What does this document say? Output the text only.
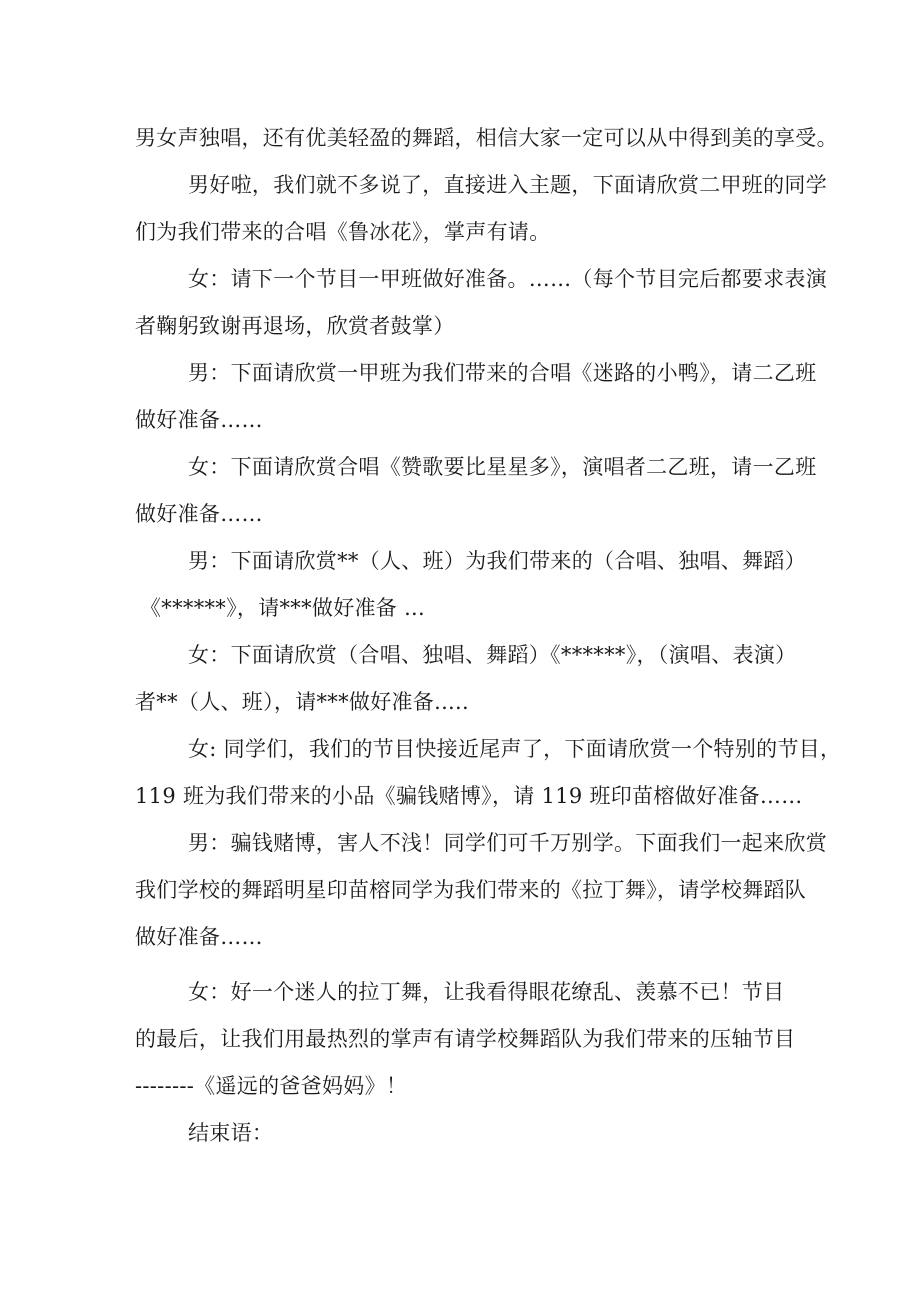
男女声独唱，还有优美轻盈的舞蹈，相信大家一定可以从中得到美的享受。
男好啦，我们就不多说了，直接进入主题，下面请欣赏二甲班的同学
们为我们带来的合唱《鲁冰花》，掌声有请。
女：请下一个节目一甲班做好准备。……（每个节目完后都要求表演
者鞠躬致谢再退场，欣赏者鼓掌）
男：下面请欣赏一甲班为我们带来的合唱《迷路的小鸭》，请二乙班
做好准备……
女：下面请欣赏合唱《赞歌要比星星多》，演唱者二乙班，请一乙班
做好准备……
男：下面请欣赏**（人、班）为我们带来的（合唱、独唱、舞蹈）
《******》，请***做好准备 ...
女：下面请欣赏（合唱、独唱、舞蹈）《******》，（演唱、表演）
者**（人、班），请***做好准备.....
女: 同学们，我们的节目快接近尾声了，下面请欣赏一个特别的节目，
119 班为我们带来的小品《骗钱赌博》，请 119 班印苗榕做好准备……
男：骗钱赌博，害人不浅！同学们可千万别学。下面我们一起来欣赏
我们学校的舞蹈明星印苗榕同学为我们带来的《拉丁舞》，请学校舞蹈队
做好准备……
女：好一个迷人的拉丁舞，让我看得眼花缭乱、羡慕不已！节目
的最后，让我们用最热烈的掌声有请学校舞蹈队为我们带来的压轴节目
--------《遥远的爸爸妈妈》！
结束语：
